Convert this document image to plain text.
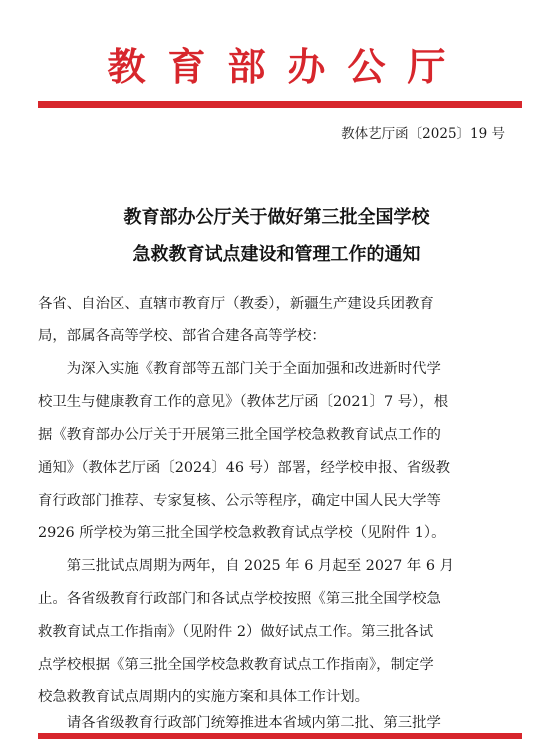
教育部办公厅
教体艺厅函〔2025〕19 号
教育部办公厅关于做好第三批全国学校
急救教育试点建设和管理工作的通知
各省、自治区、直辖市教育厅（教委），新疆生产建设兵团教育
局，部属各高等学校、部省合建各高等学校：
　　为深入实施《教育部等五部门关于全面加强和改进新时代学
校卫生与健康教育工作的意见》（教体艺厅函〔2021〕7 号），根
据《教育部办公厅关于开展第三批全国学校急救教育试点工作的
通知》（教体艺厅函〔2024〕46 号）部署，经学校申报、省级教
育行政部门推荐、专家复核、公示等程序，确定中国人民大学等
2926 所学校为第三批全国学校急救教育试点学校（见附件 1）。
　　第三批试点周期为两年，自 2025 年 6 月起至 2027 年 6 月
止。各省级教育行政部门和各试点学校按照《第三批全国学校急
救教育试点工作指南》（见附件 2）做好试点工作。第三批各试
点学校根据《第三批全国学校急救教育试点工作指南》，制定学
校急救教育试点周期内的实施方案和具体工作计划。
　　请各省级教育行政部门统筹推进本省域内第二批、第三批学
